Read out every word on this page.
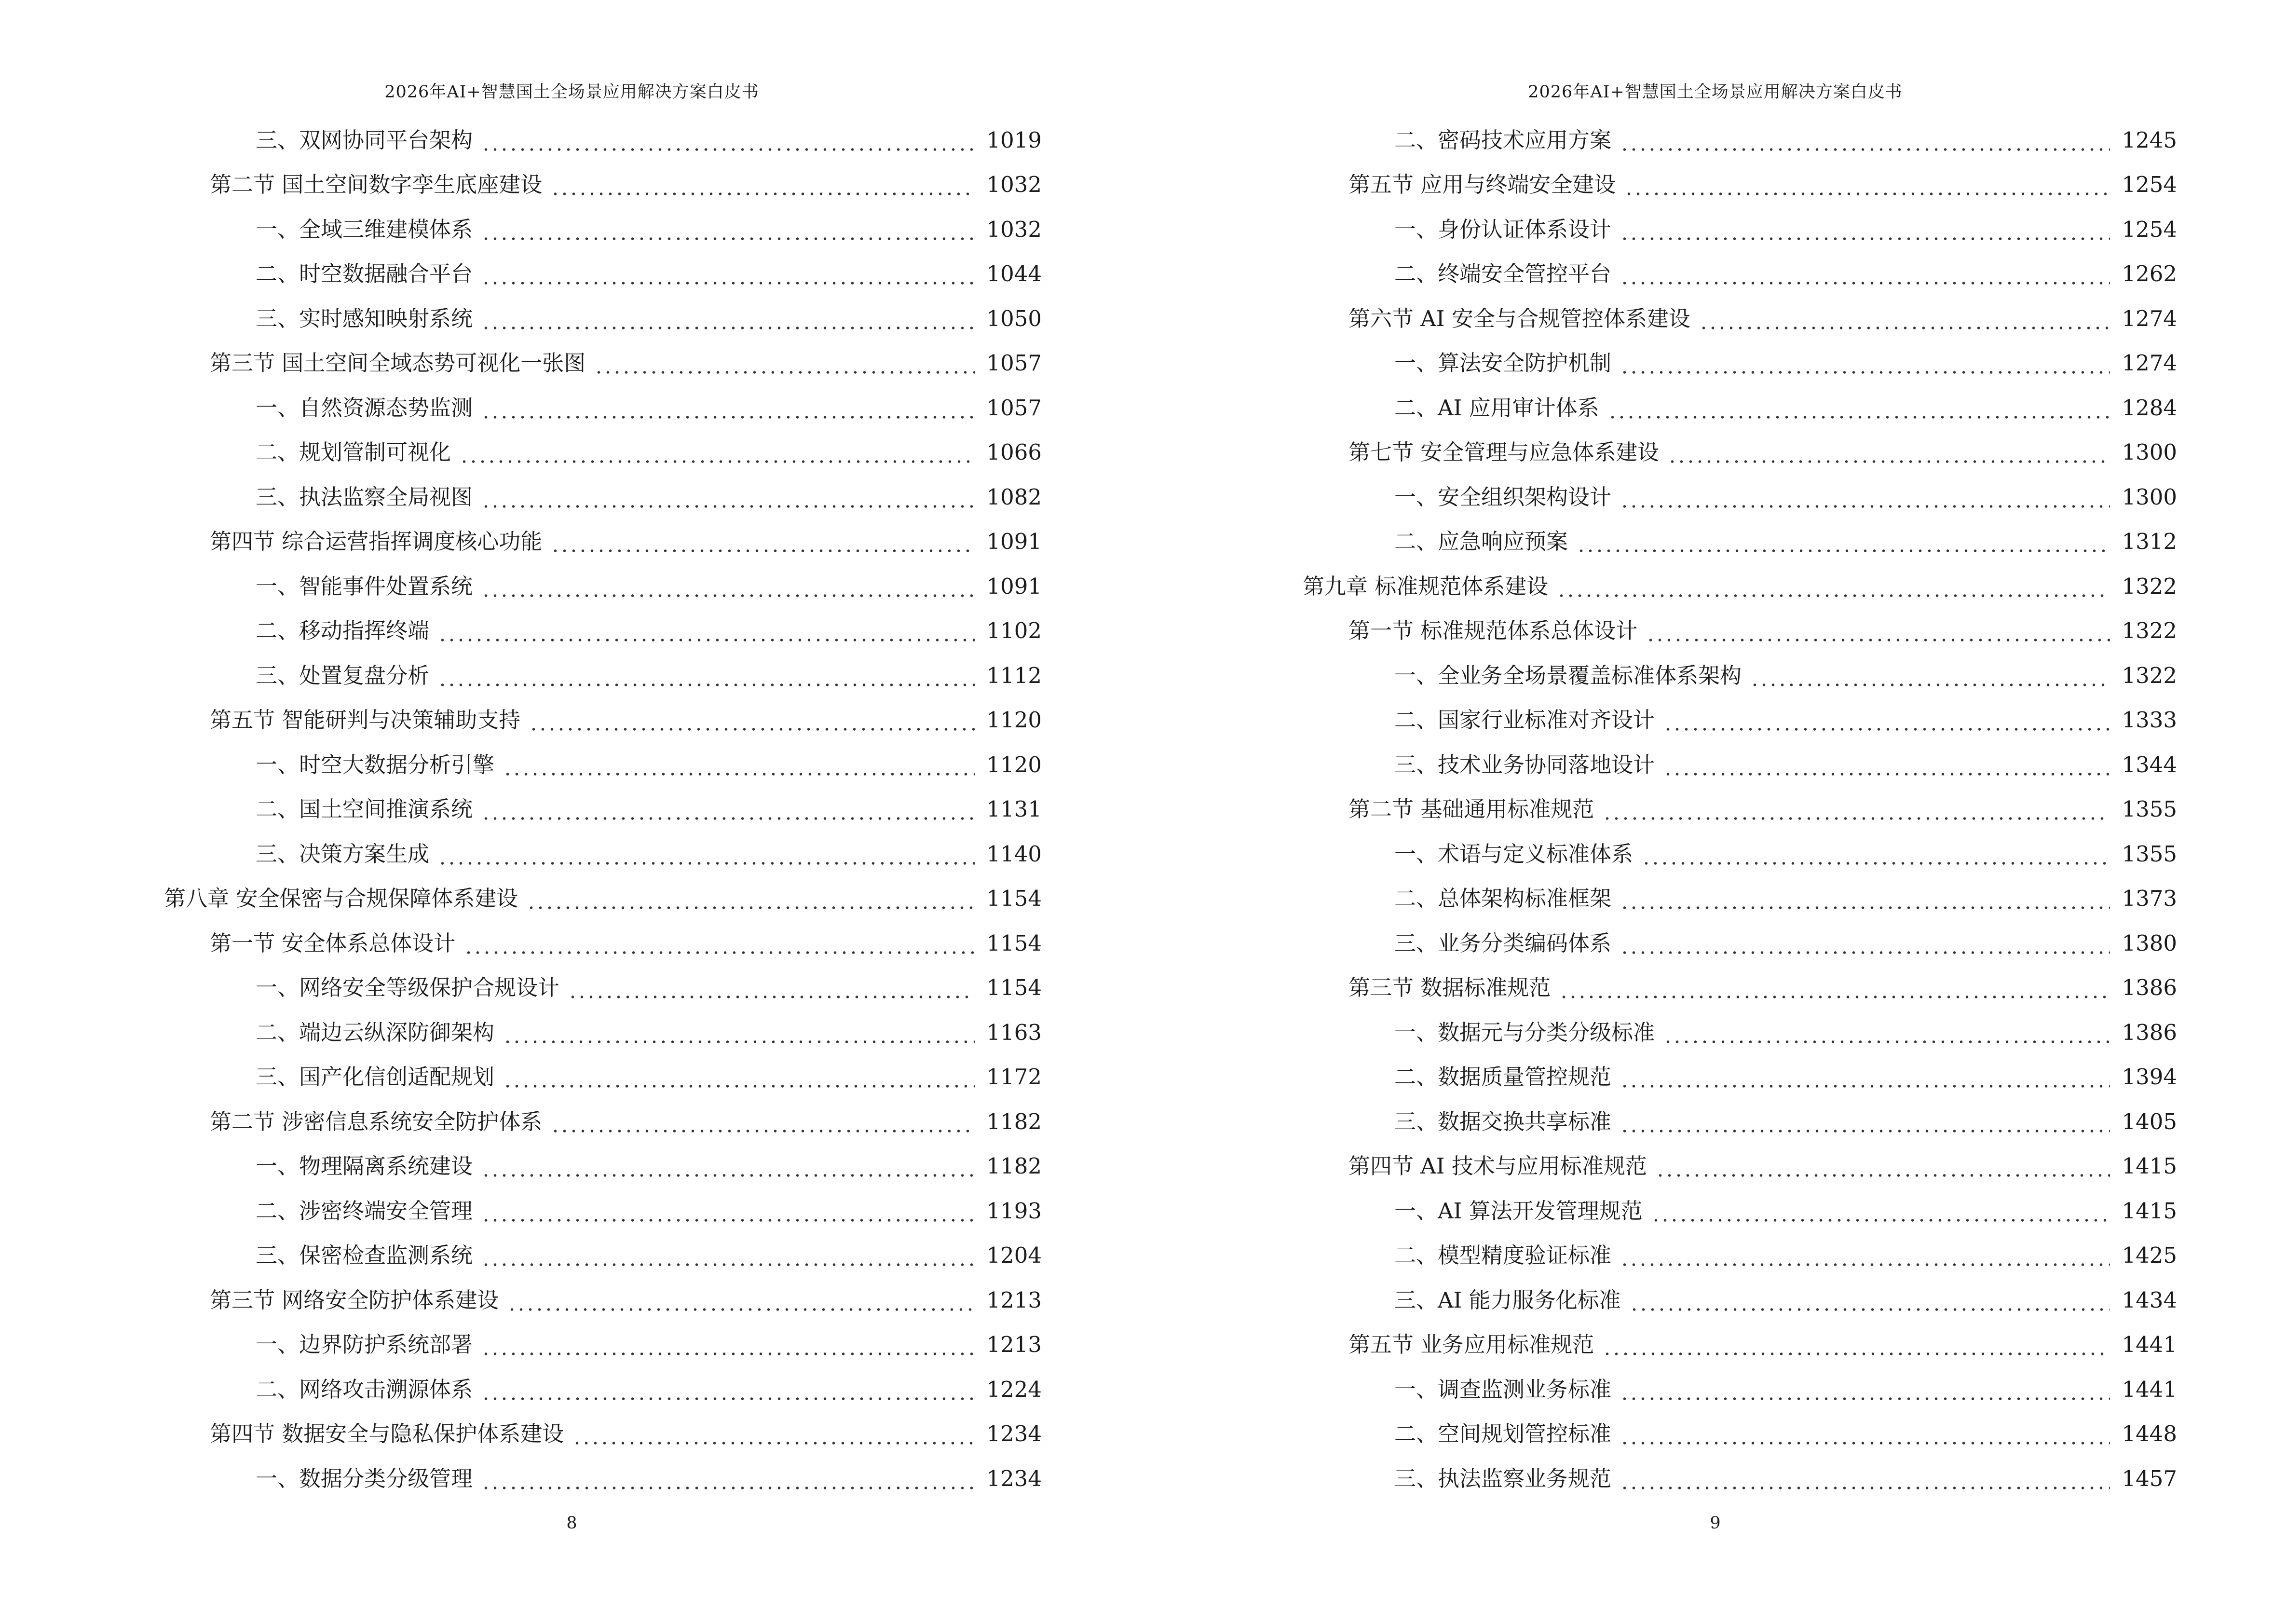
2026年AI+智慧国土全场景应用解决方案白皮书
三、双网协同平台架构	1019
第二节 国土空间数字孪生底座建设	1032
一、全域三维建模体系	1032
二、时空数据融合平台	1044
三、实时感知映射系统	1050
第三节 国土空间全域态势可视化一张图	1057
一、自然资源态势监测	1057
二、规划管制可视化	1066
三、执法监察全局视图	1082
第四节 综合运营指挥调度核心功能	1091
一、智能事件处置系统	1091
二、移动指挥终端	1102
三、处置复盘分析	1112
第五节 智能研判与决策辅助支持	1120
一、时空大数据分析引擎	1120
二、国土空间推演系统	1131
三、决策方案生成	1140
第八章 安全保密与合规保障体系建设	1154
第一节 安全体系总体设计	1154
一、网络安全等级保护合规设计	1154
二、端边云纵深防御架构	1163
三、国产化信创适配规划	1172
第二节 涉密信息系统安全防护体系	1182
一、物理隔离系统建设	1182
二、涉密终端安全管理	1193
三、保密检查监测系统	1204
第三节 网络安全防护体系建设	1213
一、边界防护系统部署	1213
二、网络攻击溯源体系	1224
第四节 数据安全与隐私保护体系建设	1234
一、数据分类分级管理	1234
8
2026年AI+智慧国土全场景应用解决方案白皮书
二、密码技术应用方案	1245
第五节 应用与终端安全建设	1254
一、身份认证体系设计	1254
二、终端安全管控平台	1262
第六节 AI 安全与合规管控体系建设	1274
一、算法安全防护机制	1274
二、AI 应用审计体系	1284
第七节 安全管理与应急体系建设	1300
一、安全组织架构设计	1300
二、应急响应预案	1312
第九章 标准规范体系建设	1322
第一节 标准规范体系总体设计	1322
一、全业务全场景覆盖标准体系架构	1322
二、国家行业标准对齐设计	1333
三、技术业务协同落地设计	1344
第二节 基础通用标准规范	1355
一、术语与定义标准体系	1355
二、总体架构标准框架	1373
三、业务分类编码体系	1380
第三节 数据标准规范	1386
一、数据元与分类分级标准	1386
二、数据质量管控规范	1394
三、数据交换共享标准	1405
第四节 AI 技术与应用标准规范	1415
一、AI 算法开发管理规范	1415
二、模型精度验证标准	1425
三、AI 能力服务化标准	1434
第五节 业务应用标准规范	1441
一、调查监测业务标准	1441
二、空间规划管控标准	1448
三、执法监察业务规范	1457
9
